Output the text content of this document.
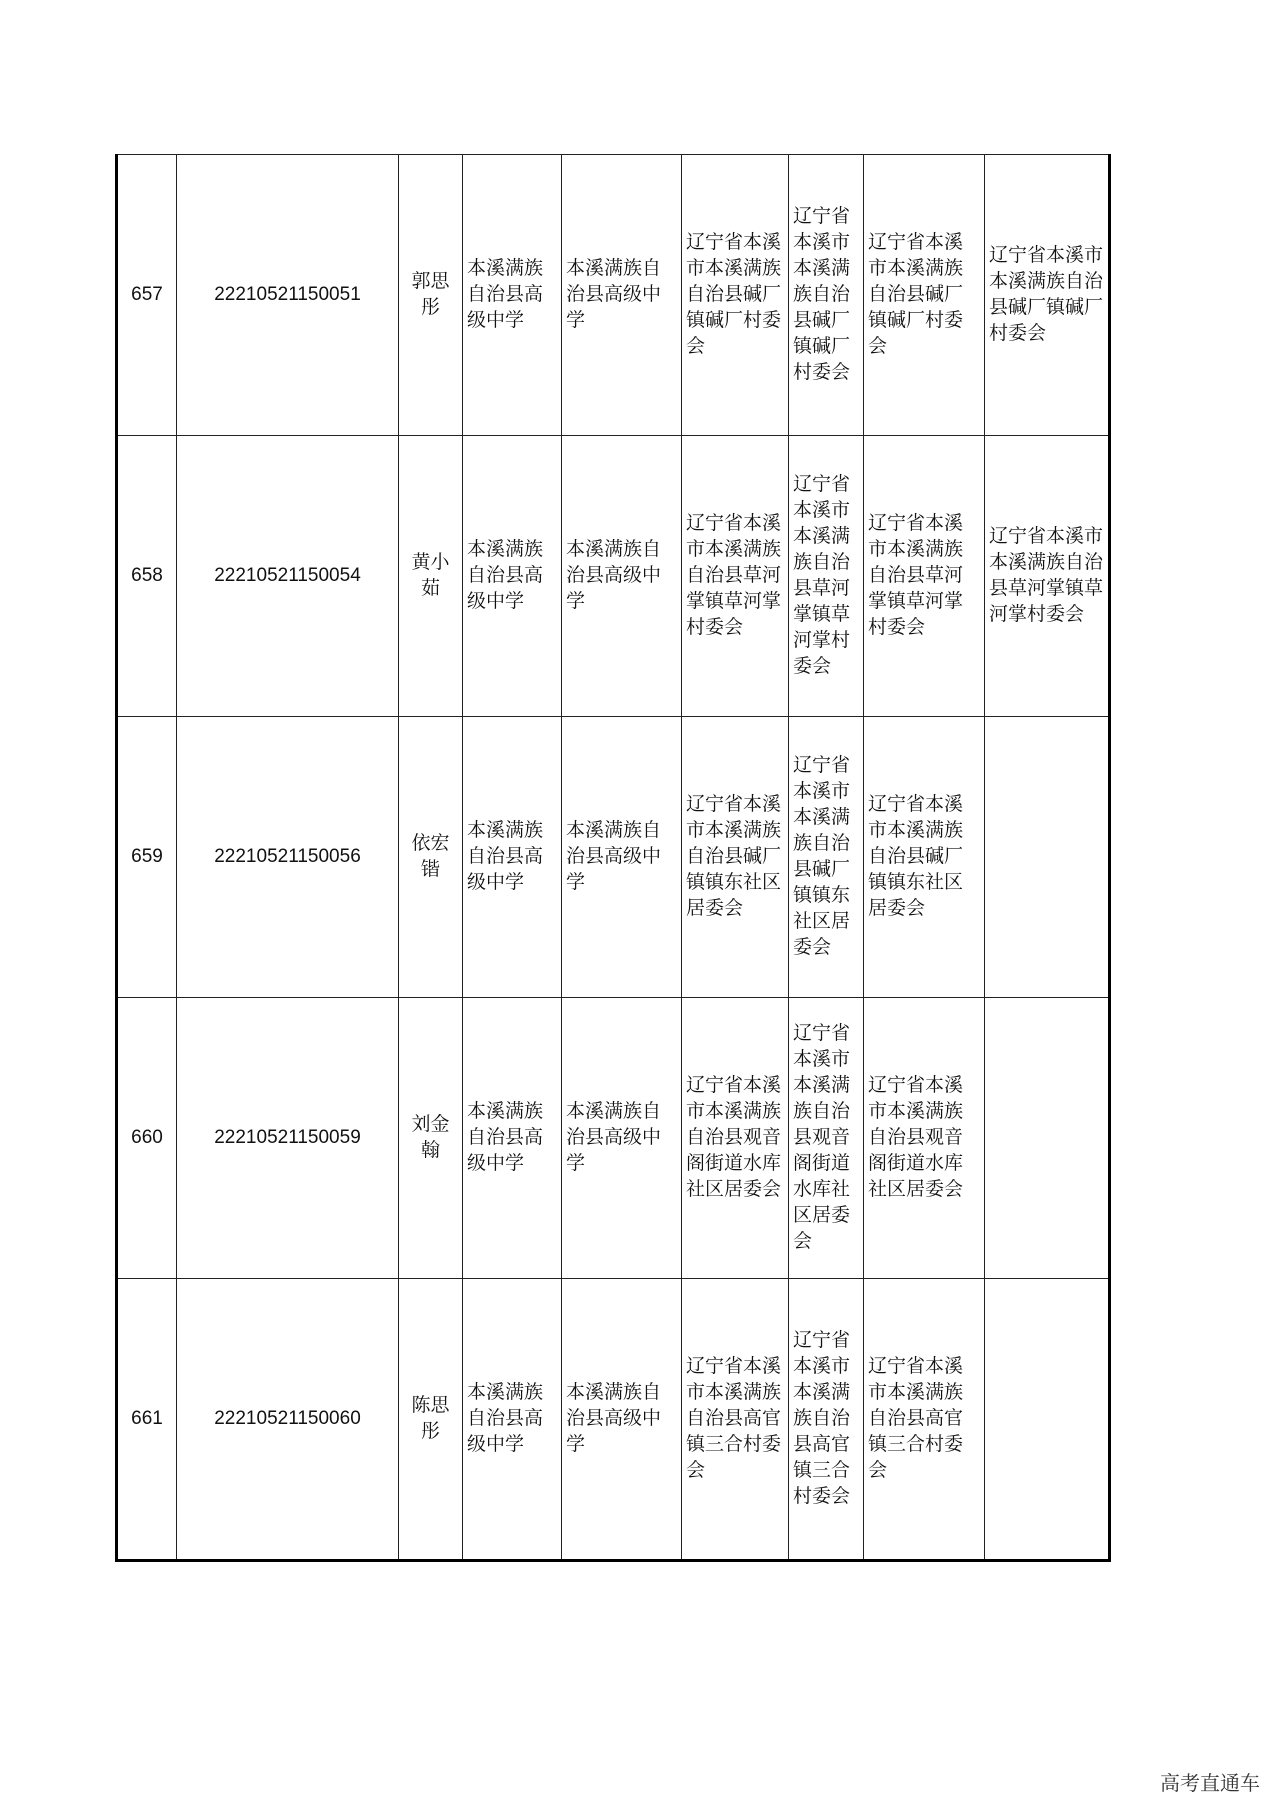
657	22210521150051	郭思彤	本溪满族自治县高级中学	本溪满族自治县高级中学	辽宁省本溪市本溪满族自治县碱厂镇碱厂村委会	辽宁省本溪市本溪满族自治县碱厂镇碱厂村委会	辽宁省本溪市本溪满族自治县碱厂镇碱厂村委会	辽宁省本溪市本溪满族自治县碱厂镇碱厂村委会
658	22210521150054	黄小茹	本溪满族自治县高级中学	本溪满族自治县高级中学	辽宁省本溪市本溪满族自治县草河掌镇草河掌村委会	辽宁省本溪市本溪满族自治县草河掌镇草河掌村委会	辽宁省本溪市本溪满族自治县草河掌镇草河掌村委会	辽宁省本溪市本溪满族自治县草河掌镇草河掌村委会
659	22210521150056	依宏锴	本溪满族自治县高级中学	本溪满族自治县高级中学	辽宁省本溪市本溪满族自治县碱厂镇镇东社区居委会	辽宁省本溪市本溪满族自治县碱厂镇镇东社区居委会	辽宁省本溪市本溪满族自治县碱厂镇镇东社区居委会	
660	22210521150059	刘金翰	本溪满族自治县高级中学	本溪满族自治县高级中学	辽宁省本溪市本溪满族自治县观音阁街道水库社区居委会	辽宁省本溪市本溪满族自治县观音阁街道水库社区居委会	辽宁省本溪市本溪满族自治县观音阁街道水库社区居委会	
661	22210521150060	陈思彤	本溪满族自治县高级中学	本溪满族自治县高级中学	辽宁省本溪市本溪满族自治县高官镇三合村委会	辽宁省本溪市本溪满族自治县高官镇三合村委会	辽宁省本溪市本溪满族自治县高官镇三合村委会	
高考直通车
